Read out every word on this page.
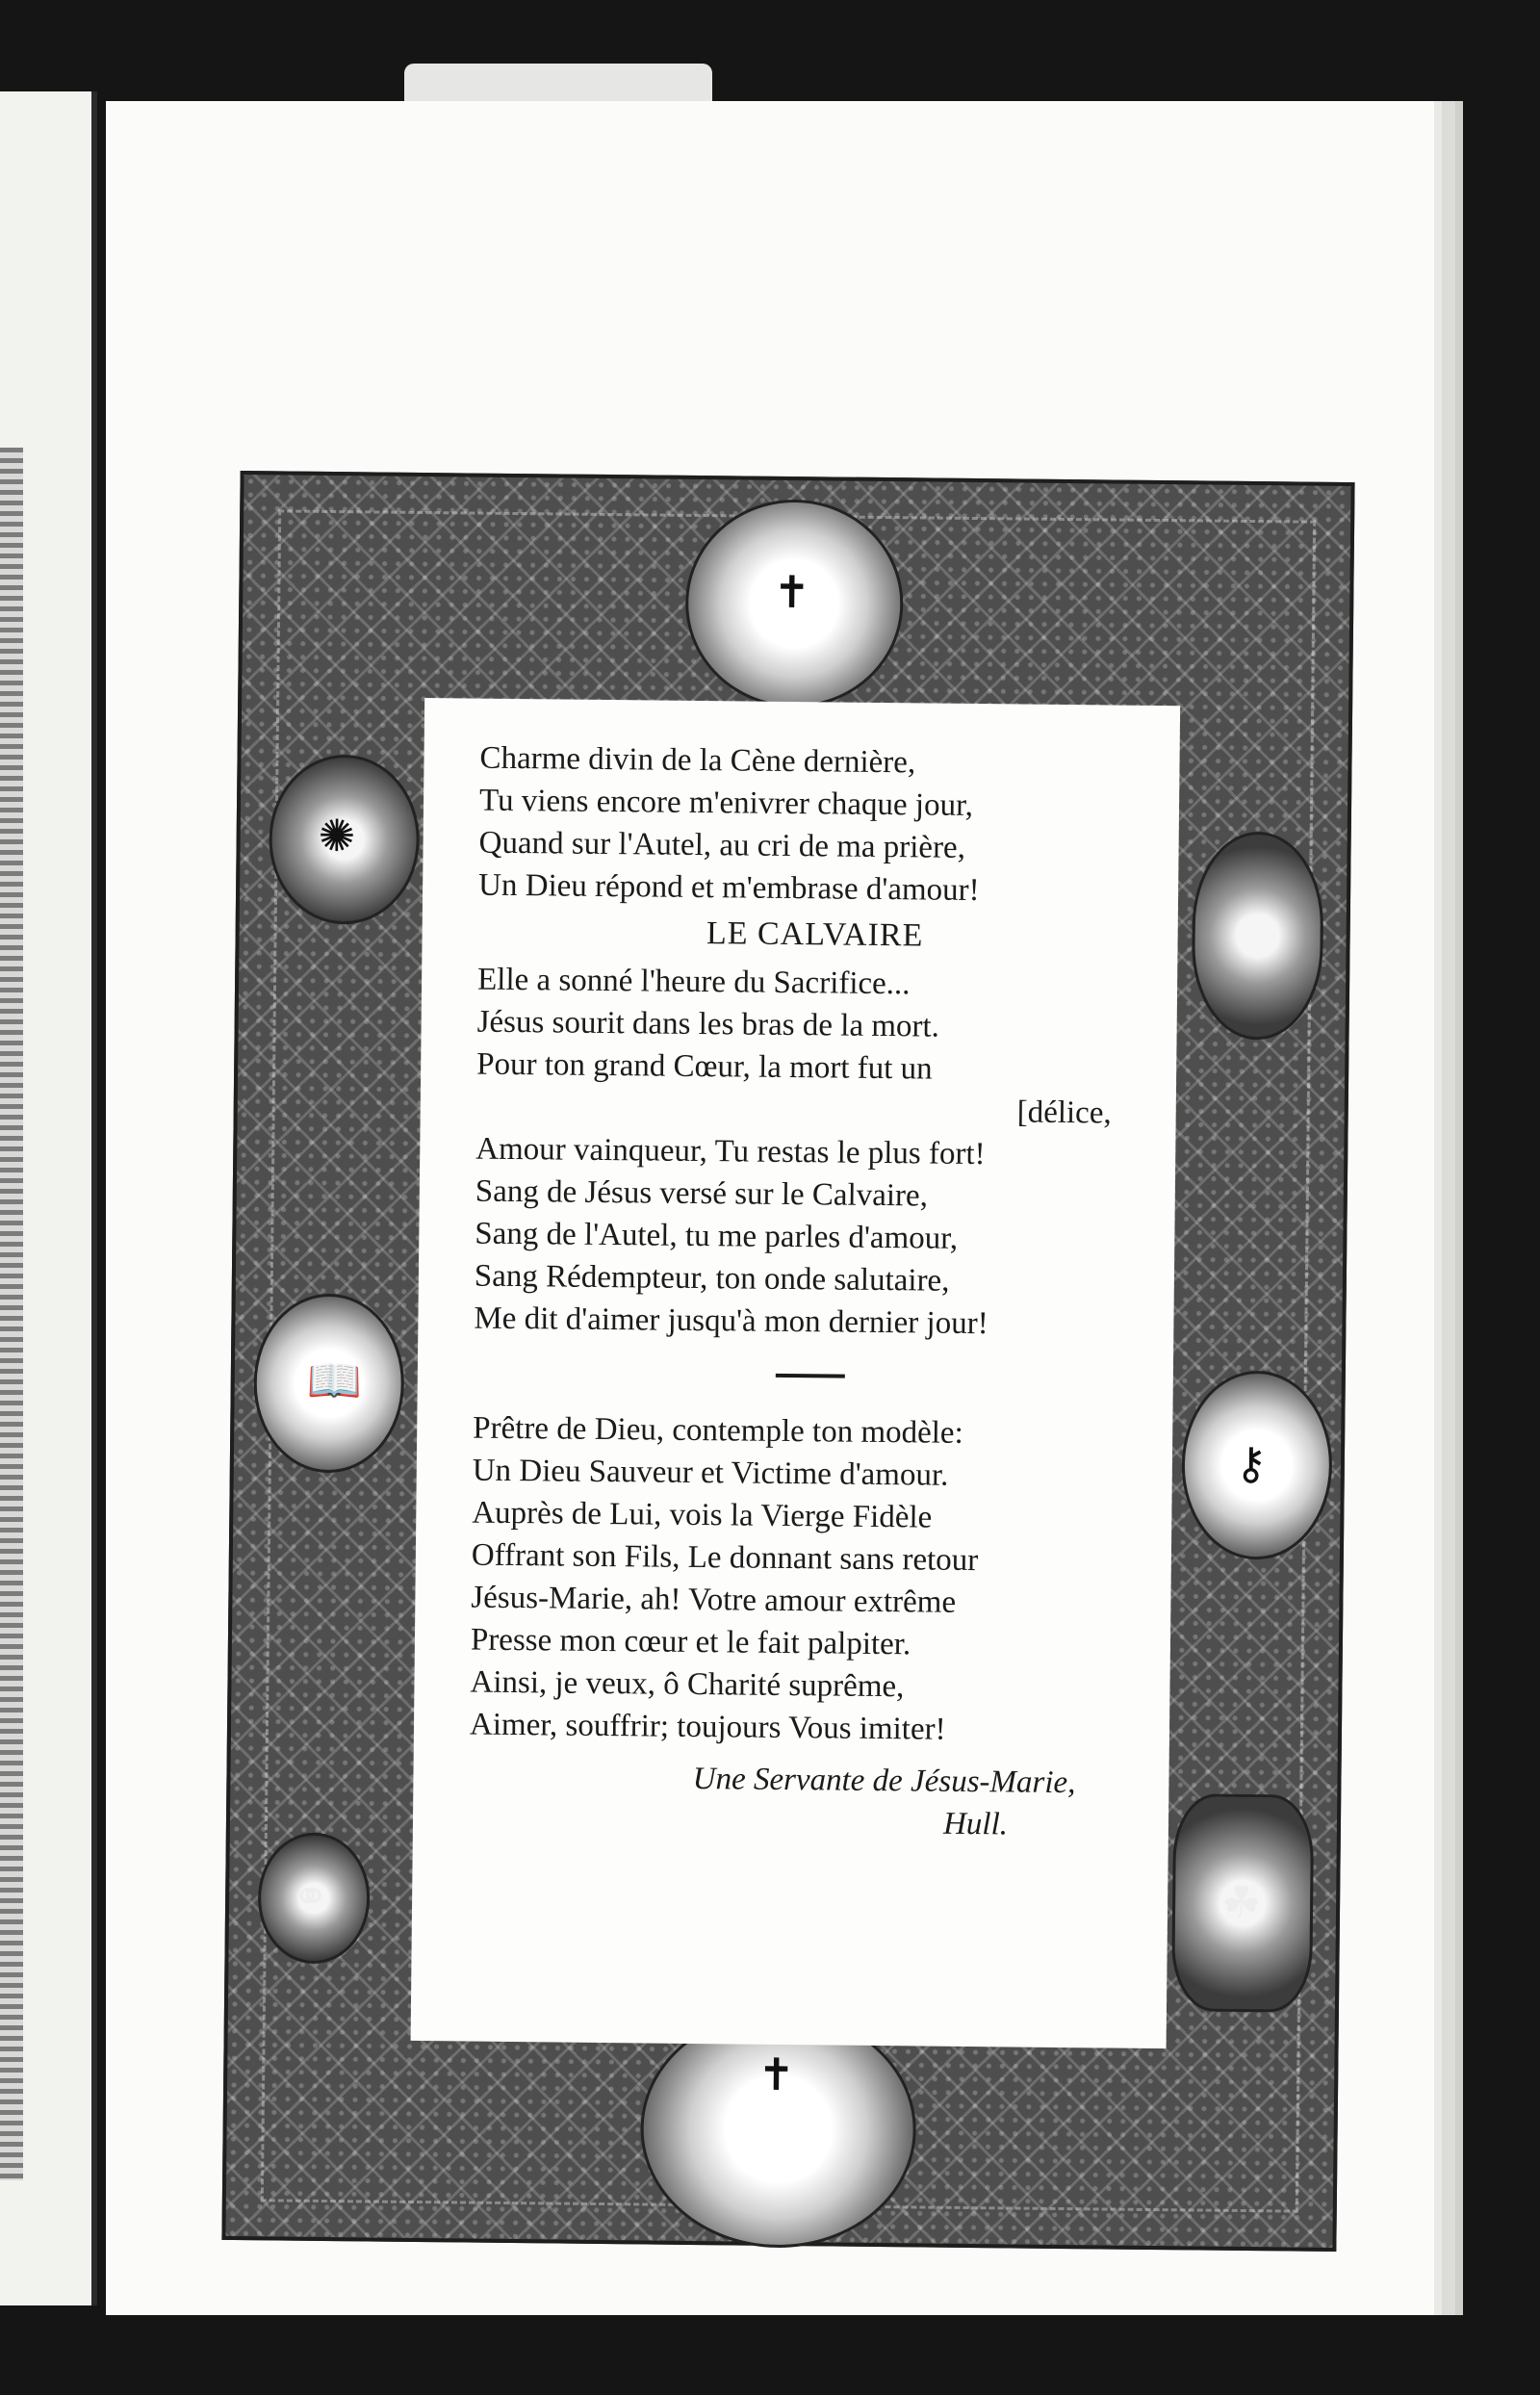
✝
✺
📖
⚭
⚷
☘
✝
Charme divin de la Cène dernière,
Tu viens encore m'enivrer chaque jour,
Quand sur l'Autel, au cri de ma prière,
Un Dieu répond et m'embrase d'amour!
LE CALVAIRE
Elle a sonné l'heure du Sacrifice...
Jésus sourit dans les bras de la mort.
Pour ton grand Cœur, la mort fut un
[délice,
Amour vainqueur, Tu restas le plus fort!
Sang de Jésus versé sur le Calvaire,
Sang de l'Autel, tu me parles d'amour,
Sang Rédempteur, ton onde salutaire,
Me dit d'aimer jusqu'à mon dernier jour!
Prêtre de Dieu, contemple ton modèle:
Un Dieu Sauveur et Victime d'amour.
Auprès de Lui, vois la Vierge Fidèle
Offrant son Fils, Le donnant sans retour
Jésus-Marie, ah! Votre amour extrême
Presse mon cœur et le fait palpiter.
Ainsi, je veux, ô Charité suprême,
Aimer, souffrir; toujours Vous imiter!
Une Servante de Jésus-Marie,
Hull.
